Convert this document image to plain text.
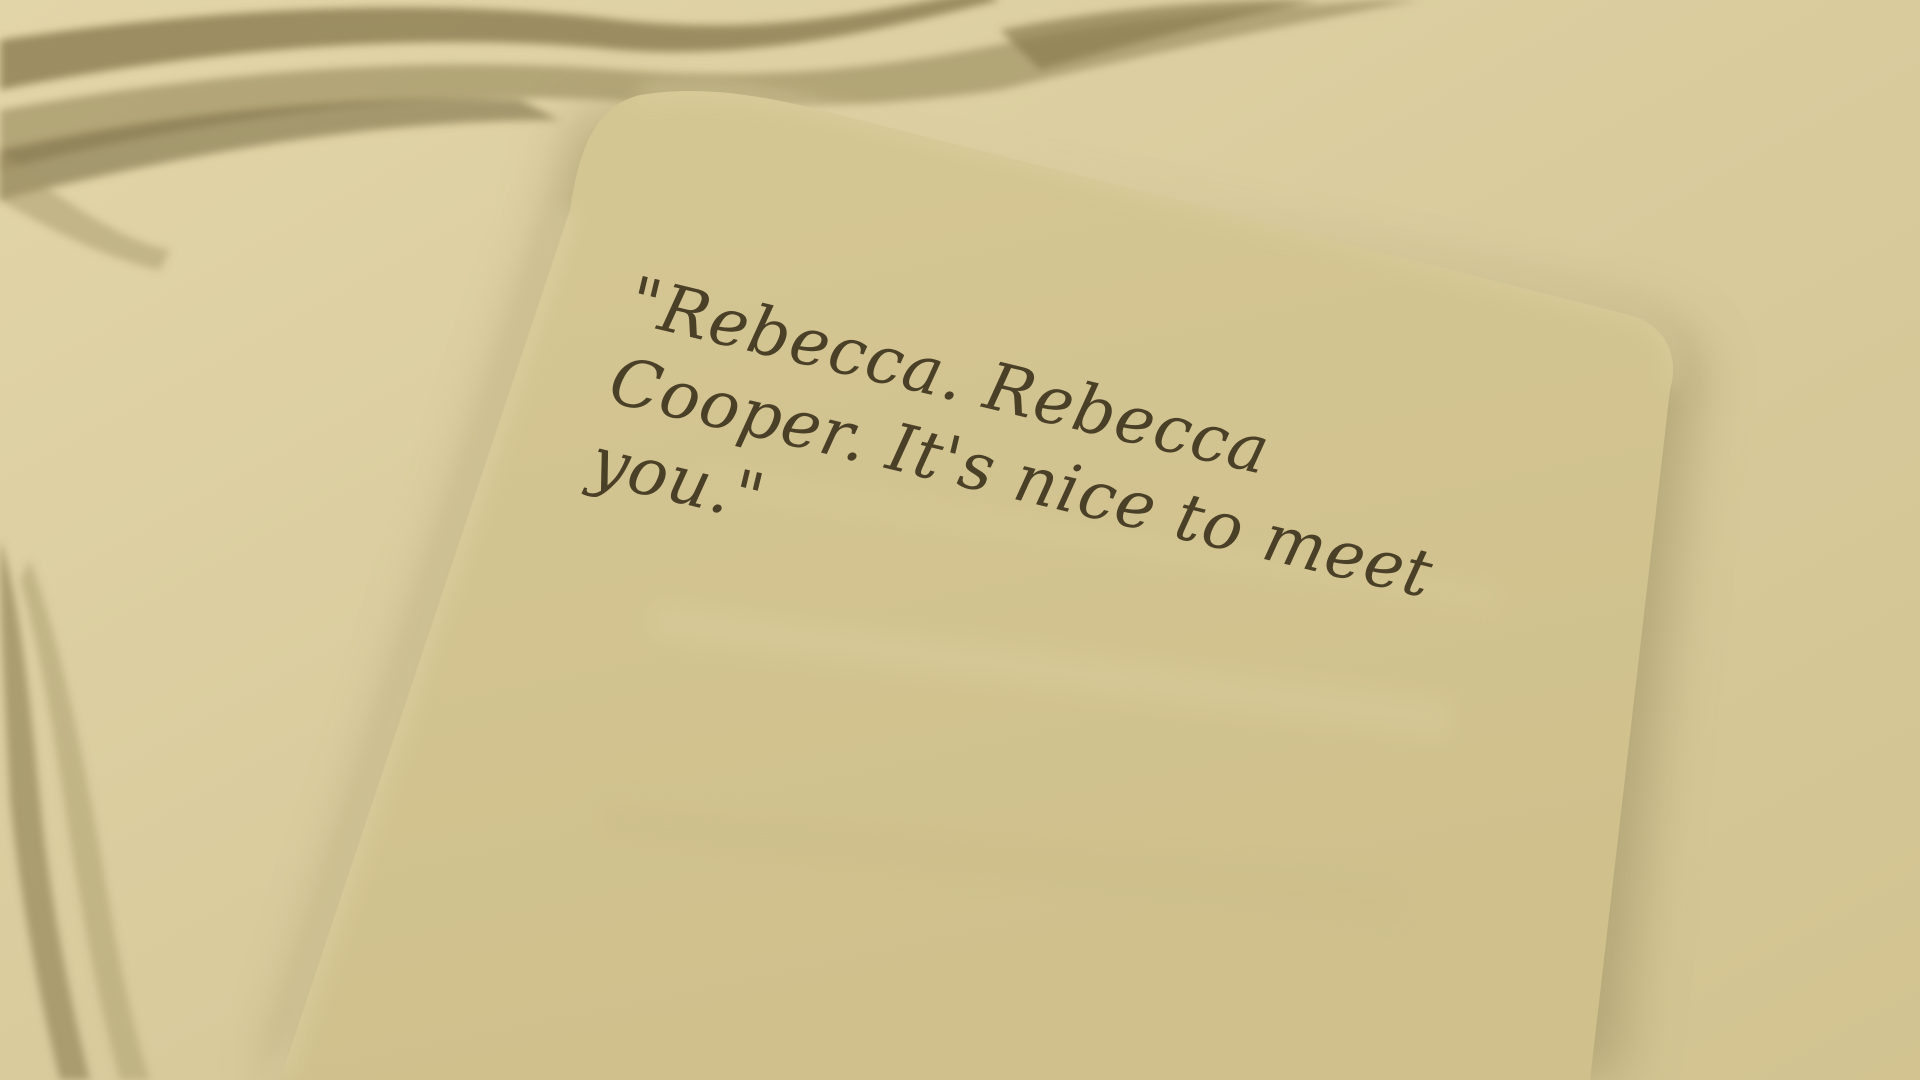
"Rebecca. Rebecca Cooper. It's nice to meet you."
